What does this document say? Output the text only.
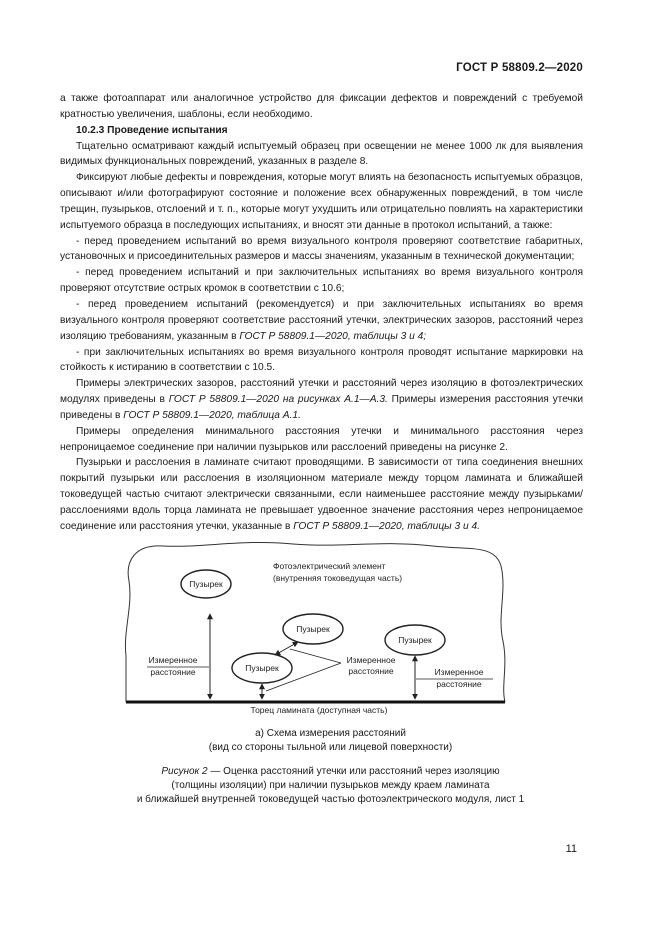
ГОСТ Р 58809.2—2020

а также фотоаппарат или аналогичное устройство для фиксации дефектов и повреждений с требуемой кратностью увеличения, шаблоны, если необходимо.

10.2.3 Проведение испытания

Тщательно осматривают каждый испытуемый образец при освещении не менее 1000 лк для выявления видимых функциональных повреждений, указанных в разделе 8.

Фиксируют любые дефекты и повреждения, которые могут влиять на безопасность испытуемых образцов, описывают и/или фотографируют состояние и положение всех обнаруженных повреждений, в том числе трещин, пузырьков, отслоений и т. п., которые могут ухудшить или отрицательно повлиять на характеристики испытуемого образца в последующих испытаниях, и вносят эти данные в протокол испытаний, а также:

- перед проведением испытаний во время визуального контроля проверяют соответствие габаритных, установочных и присоединительных размеров и массы значениям, указанным в технической документации;

- перед проведением испытаний и при заключительных испытаниях во время визуального контроля проверяют отсутствие острых кромок в соответствии с 10.6;

- перед проведением испытаний (рекомендуется) и при заключительных испытаниях во время визуального контроля проверяют соответствие расстояний утечки, электрических зазоров, расстояний через изоляцию требованиям, указанным в ГОСТ Р 58809.1—2020, таблицы 3 и 4;

- при заключительных испытаниях во время визуального контроля проводят испытание маркировки на стойкость к истиранию в соответствии с 10.5.

Примеры электрических зазоров, расстояний утечки и расстояний через изоляцию в фотоэлектрических модулях приведены в ГОСТ Р 58809.1—2020 на рисунках А.1—А.3. Примеры измерения расстояния утечки приведены в ГОСТ Р 58809.1—2020, таблица А.1.

Примеры определения минимального расстояния утечки и минимального расстояния через непроницаемое соединение при наличии пузырьков или расслоений приведены на рисунке 2.

Пузырьки и расслоения в ламинате считают проводящими. В зависимости от типа соединения внешних покрытий пузырьки или расслоения в изоляционном материале между торцом ламината и ближайшей токоведущей частью считают электрически связанными, если наименьшее расстояние между пузырьками/расслоениями вдоль торца ламината не превышает удвоенное значение расстояния через непроницаемое соединение или расстояния утечки, указанные в ГОСТ Р 58809.1—2020, таблицы 3 и 4.

Фотоэлектрический элемент
(внутренняя токоведущая часть)
Пузырек
Пузырек
Пузырек
Пузырек
Измеренное
расстояние
Измеренное
расстояние	Измеренное
расстояние
Торец ламината (доступная часть)
а) Схема измерения расстояний
(вид со стороны тыльной или лицевой поверхности)
Рисунок 2 — Оценка расстояний утечки или расстояний через изоляцию
(толщины изоляции) при наличии пузырьков между краем ламината
и ближайшей внутренней токоведущей частью фотоэлектрического модуля, лист 1
11
